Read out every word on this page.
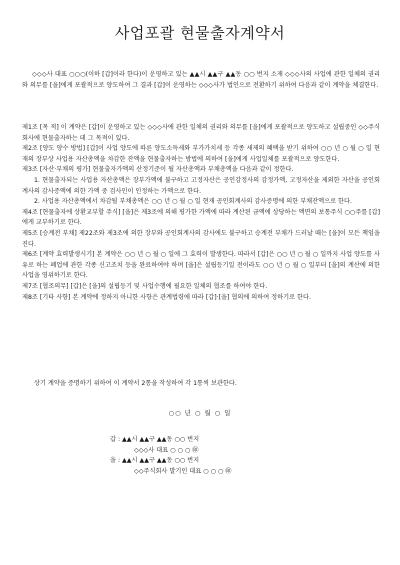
사업포괄 현물출자계약서

◇◇◇사 대표 ○○○(이하 [갑]이라 한다)이 운영하고 있는 ▲▲시 ▲▲구 ▲▲동 ○○ 번지 소재 ◇◇◇사의 사업에 관한 일체의 권리와 의무를 [을]에게 포괄적으로 양도하여 그 결과 [갑]이 운영하는 ◇◇◇사가 법인으로 전환하기 위하여 다음과 같이 계약을 체결한다.

제1조 [목 적] 이 계약은 [갑]이 운영하고 있는 ◇◇◇사에 관한 일체의 권리와 의무를 [을]에게 포괄적으로 양도하고 설립중인 ◇◇주식회사에 현물출자하는 데 그 목적이 있다.

제2조 [양도 양수 방법] [갑]이 사업 양도에 따른 양도소득세와 부가가치세 등 각종 세제의 혜택을 받기 위하여 ○○ 년 ○ 월 ○ 일 현재의 장부상 사업용 자산총액을 차감한 잔액을 현물출자하는 방법에 의하여 [을]에게 사업일체를 포괄적으로 양도한다.

제3조 [자산·부채의 평가] 현물출자가액의 산정기준이 될 자산총액과 부채총액을 다음과 같이 정한다.

1. 현물출자되는 사업용 자산총액은 장부가액에 불구하고 고정자산은 공인감정사의 감정가액, 고정자산을 제외한 자산을 공인회계사의 감사증액에 의한 가액 중 검사인이 인정하는 가액으로 한다.

2. 사업용 자산총액에서 차감될 부채총액은 ○○ 년 ○ 월 ○ 일 현재 공인회계사의 감사증명에 의한 부채잔액으로 한다.

제4조 [현물출자에 상환교부할 주식] [을]은 제3조에 의해 평가한 가액에 따라 계산된 금액에 상당하는 액면의 보통주식 ○○주를 [갑]에게 교부하기로 한다.

제5조 [승계전 부채] 제22조와 제3조에 의한 장부와 공인회계사의 감사에도 불구하고 승계전 부채가 드러날 때는 [을]이 모든 책임을 진다.

제6조 [계약 효력발생시기] 본 계약은 ○○ 년 ○ 월 ○ 일에 그 효력이 발생한다. 따라서 [갑]은 ○○ 년 ○ 월 ○ 일까지 사업 양도를 사유로 하는 폐업에 관한 각종 신고조치 등을 완료하여야 하며 [을]은 설립등기일 전이라도 ○○ 년 ○ 월 ○ 일부터 [을]의 계산에 의한 사업을 영위하기로 한다.

제7조 [협조의무] [갑]은 [을]의 설립등기 및 사업수행에 필요한 일체의 협조를 하여야 한다.

제8조 [기타 사항] 본 계약에 정하지 아니한 사항은 관계법령에 따라 [갑]·[을] 협의에 의하여 정하기로 한다.

상기 계약을 증명하기 위하여 이 계약서 2통을 작성하여 각 1통씩 보관한다.
○○ 년 ○ 월 ○ 일
갑 : ▲▲시 ▲▲구 ▲▲동 ○○ 번지
◇◇◇사 대표 ○ ○ ○ ㊞
을 : ▲▲시 ▲▲구 ▲▲동 ○○ 번지
◇◇주식회사 발기인 대표 ○ ○ ○ ㊞
